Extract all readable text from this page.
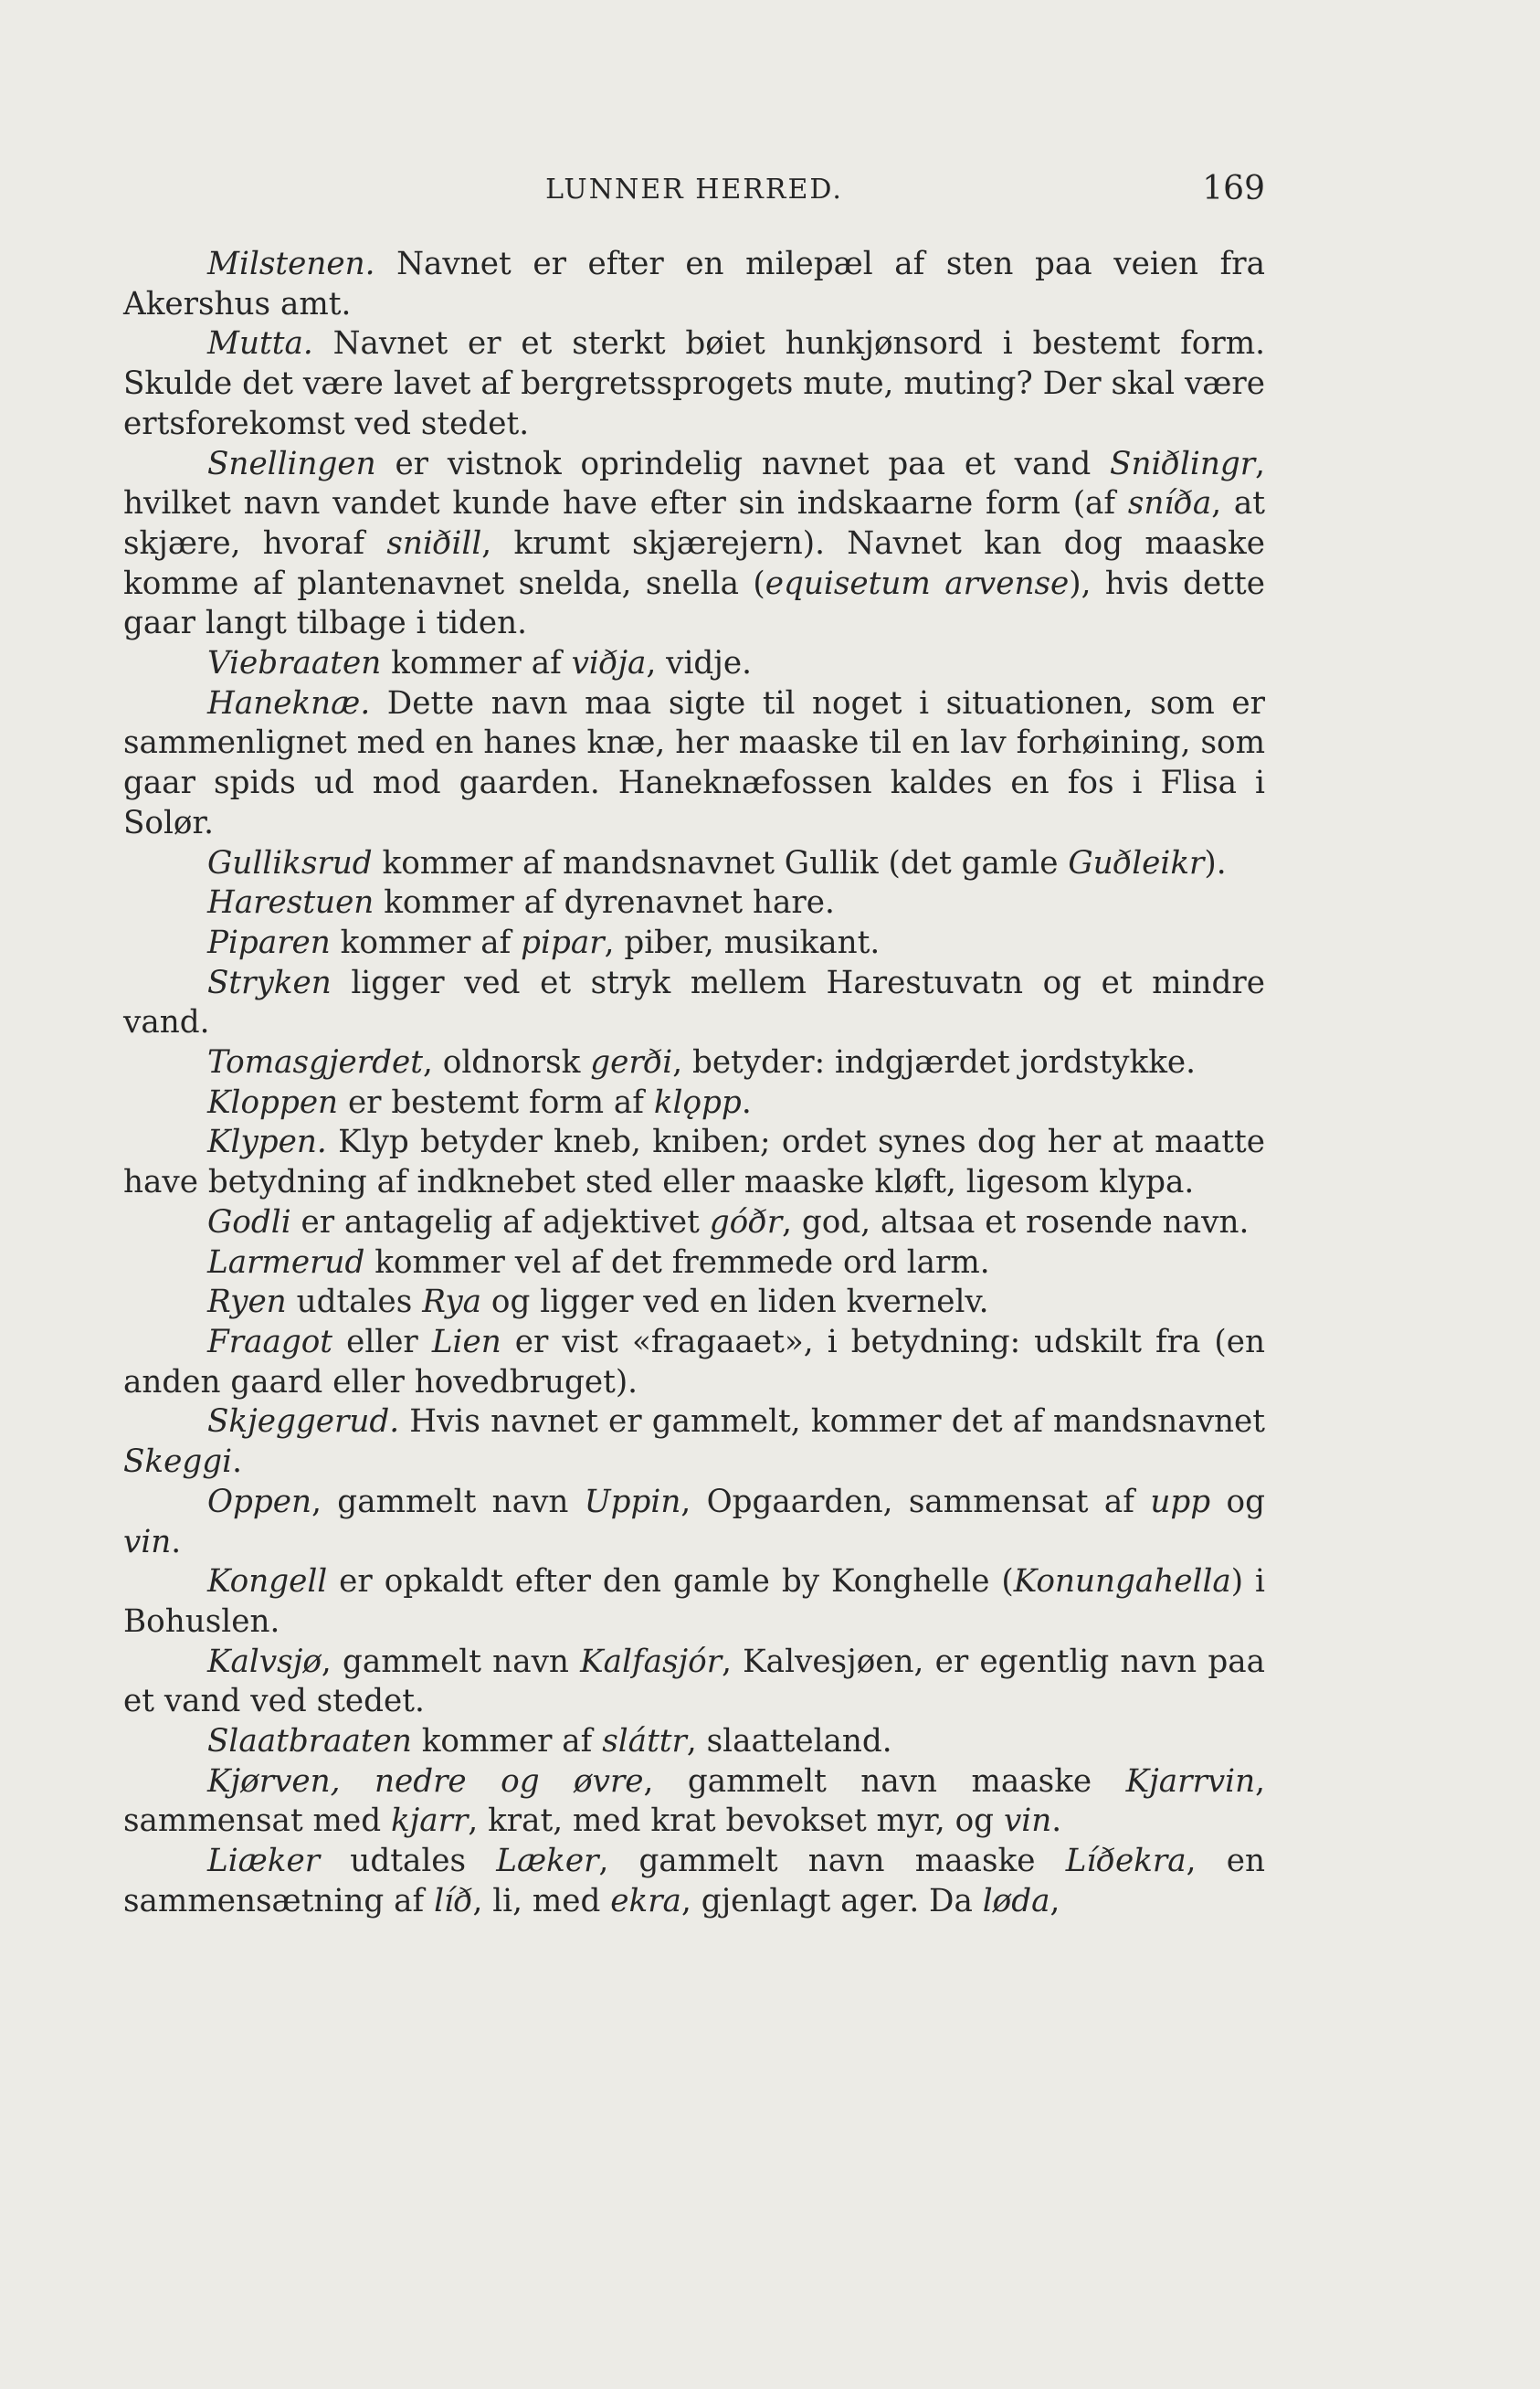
LUNNER HERRED.	169

Milstenen. Navnet er efter en milepæl af sten paa veien fra Akershus amt.

Mutta. Navnet er et sterkt bøiet hunkjønsord i bestemt form. Skulde det være lavet af bergretssprogets mute, muting? Der skal være ertsforekomst ved stedet.

Snellingen er vistnok oprindelig navnet paa et vand Sniðlingr, hvilket navn vandet kunde have efter sin indskaarne form (af sníða, at skjære, hvoraf sniðill, krumt skjærejern). Navnet kan dog maaske komme af plantenavnet snelda, snella (equisetum arvense), hvis dette gaar langt tilbage i tiden.

Viebraaten kommer af viðja, vidje.

Haneknæ. Dette navn maa sigte til noget i situationen, som er sammenlignet med en hanes knæ, her maaske til en lav forhøining, som gaar spids ud mod gaarden. Haneknæfossen kaldes en fos i Flisa i Solør.

Gulliksrud kommer af mandsnavnet Gullik (det gamle Guðleikr).

Harestuen kommer af dyrenavnet hare.

Piparen kommer af pipar, piber, musikant.

Stryken ligger ved et stryk mellem Harestuvatn og et mindre vand.

Tomasgjerdet, oldnorsk gerði, betyder: indgjærdet jordstykke.

Kloppen er bestemt form af klǫpp.

Klypen. Klyp betyder kneb, kniben; ordet synes dog her at maatte have betydning af indknebet sted eller maaske kløft, ligesom klypa.

Godli er antagelig af adjektivet góðr, god, altsaa et rosende navn.

Larmerud kommer vel af det fremmede ord larm.

Ryen udtales Rya og ligger ved en liden kvernelv.

Fraagot eller Lien er vist «fragaaet», i betydning: udskilt fra (en anden gaard eller hovedbruget).

Skjeggerud. Hvis navnet er gammelt, kommer det af mandsnavnet Skeggi.

Oppen, gammelt navn Uppin, Opgaarden, sammensat af upp og vin.

Kongell er opkaldt efter den gamle by Konghelle (Konungahella) i Bohuslen.

Kalvsjø, gammelt navn Kalfasjór, Kalvesjøen, er egentlig navn paa et vand ved stedet.

Slaatbraaten kommer af sláttr, slaatteland.

Kjørven, nedre og øvre, gammelt navn maaske Kjarrvin, sammensat med kjarr, krat, med krat bevokset myr, og vin.

Liæker udtales Læker, gammelt navn maaske Líðekra, en sammensætning af líð, li, med ekra, gjenlagt ager. Da løda,
